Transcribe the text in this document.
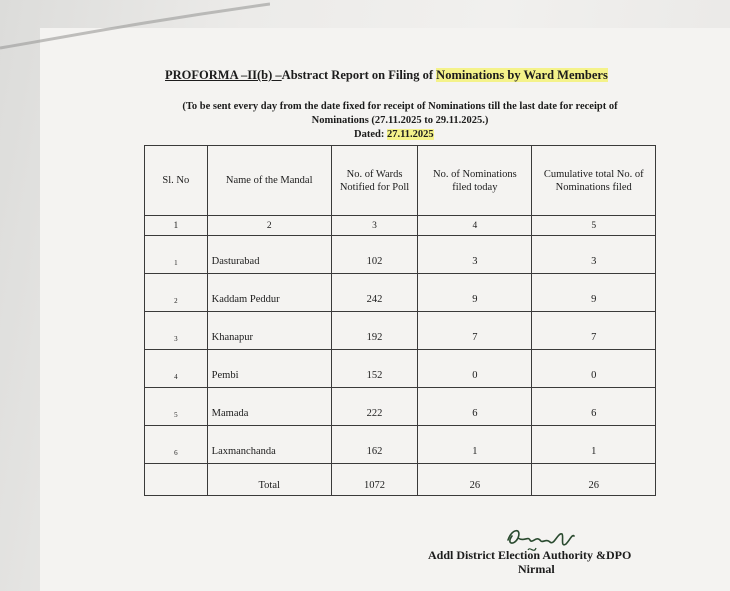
PROFORMA –II(b) –Abstract Report on Filing of Nominations by Ward Members
(To be sent every day from the date fixed for receipt of Nominations till the last date for receipt of
Nominations (27.11.2025 to 29.11.2025.)
Dated: 27.11.2025
Sl. No	Name of the Mandal	No. of Wards Notified for Poll	No. of Nominations filed today	Cumulative total No. of Nominations filed
1	2	3	4	5
1	Dasturabad	102	3	3
2	Kaddam Peddur	242	9	9
3	Khanapur	192	7	7
4	Pembi	152	0	0
5	Mamada	222	6	6
6	Laxmanchanda	162	1	1
	Total	1072	26	26
Addl District Election Authority &DPO
Nirmal
